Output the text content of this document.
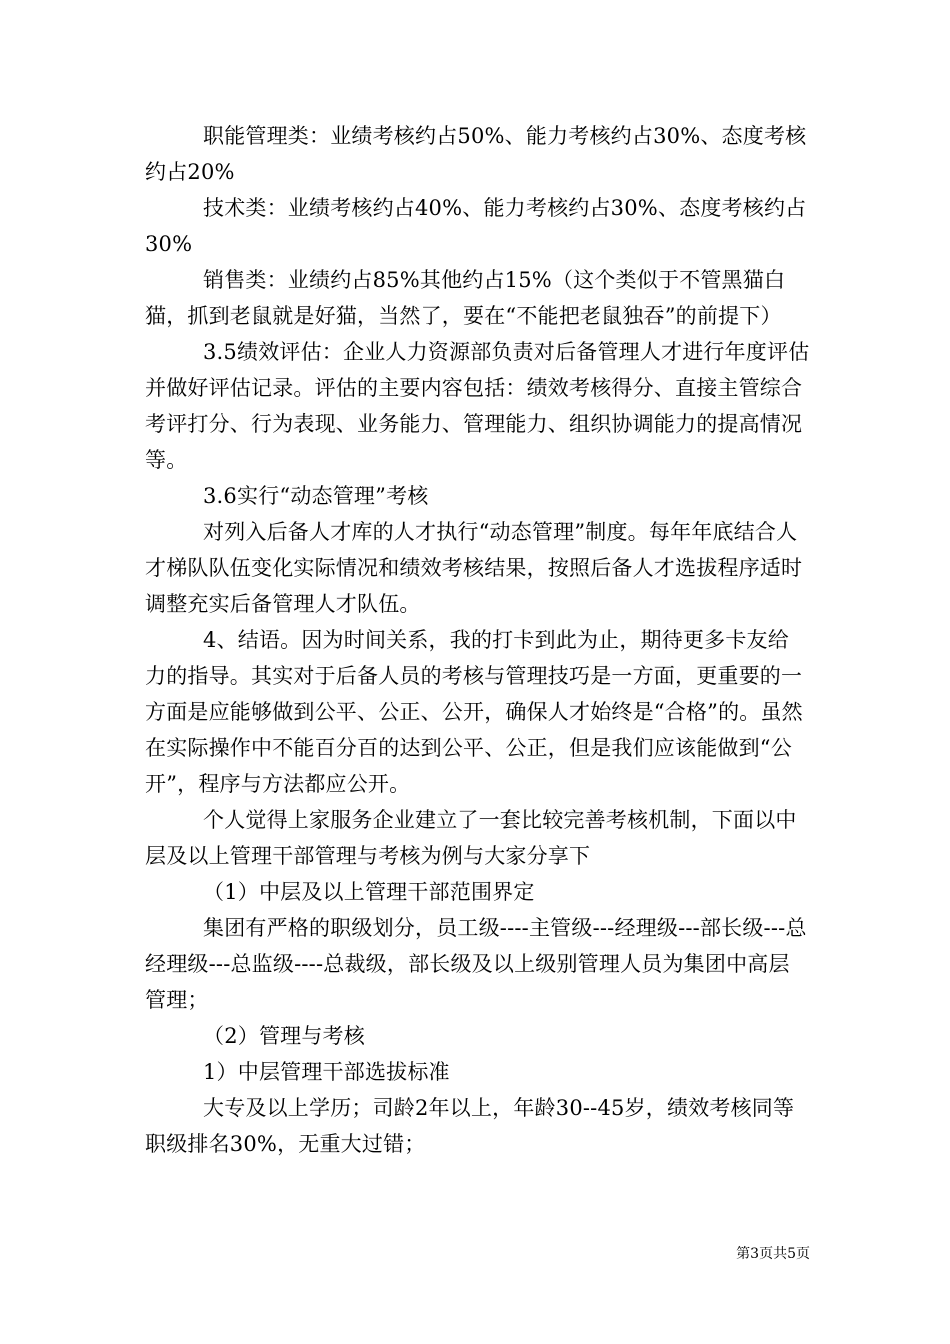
职能管理类：业绩考核约占50%、能力考核约占30%、态度考核约占20%

技术类：业绩考核约占40%、能力考核约占30%、态度考核约占30%

销售类：业绩约占85%其他约占15%（这个类似于不管黑猫白猫，抓到老鼠就是好猫，当然了，要在“不能把老鼠独吞”的前提下）

3.5绩效评估：企业人力资源部负责对后备管理人才进行年度评估并做好评估记录。评估的主要内容包括：绩效考核得分、直接主管综合考评打分、行为表现、业务能力、管理能力、组织协调能力的提高情况等。

3.6实行“动态管理”考核

对列入后备人才库的人才执行“动态管理”制度。每年年底结合人才梯队队伍变化实际情况和绩效考核结果，按照后备人才选拔程序适时调整充实后备管理人才队伍。

4、结语。因为时间关系，我的打卡到此为止，期待更多卡友给力的指导。其实对于后备人员的考核与管理技巧是一方面，更重要的一方面是应能够做到公平、公正、公开，确保人才始终是“合格”的。虽然在实际操作中不能百分百的达到公平、公正，但是我们应该能做到“公开”，程序与方法都应公开。

个人觉得上家服务企业建立了一套比较完善考核机制，下面以中层及以上管理干部管理与考核为例与大家分享下

（1）中层及以上管理干部范围界定

集团有严格的职级划分，员工级----主管级---经理级---部长级---总经理级---总监级----总裁级，部长级及以上级别管理人员为集团中高层管理；

（2）管理与考核

1）中层管理干部选拔标准

大专及以上学历；司龄2年以上，年龄30--45岁，绩效考核同等职级排名30%，无重大过错；

第3页共5页
